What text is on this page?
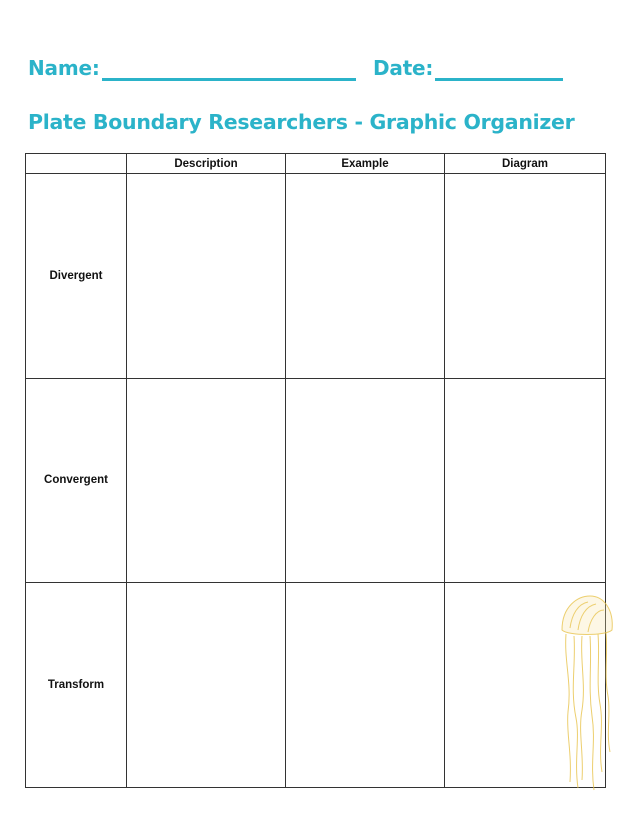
Name:	Date:
Plate Boundary Researchers - Graphic Organizer
	Description	Example	Diagram
Divergent			
Convergent			
Transform			
